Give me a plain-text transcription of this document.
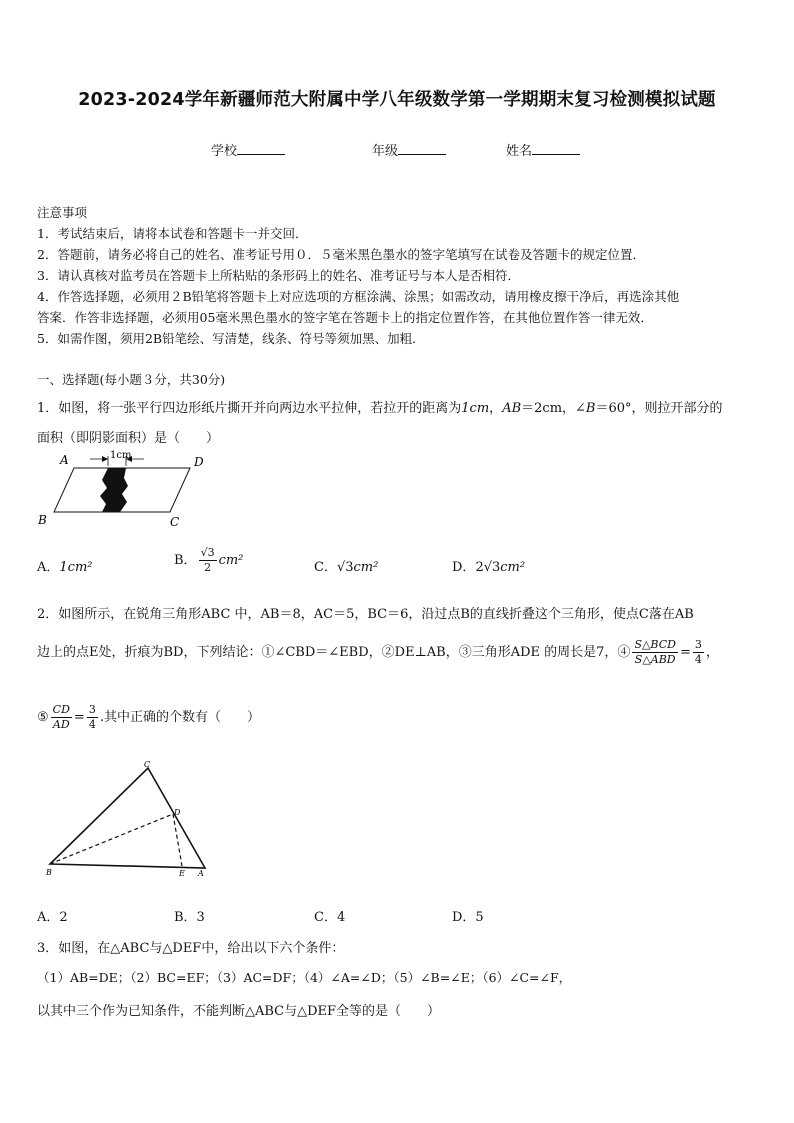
2023-2024学年新疆师范大附属中学八年级数学第一学期期末复习检测模拟试题
学校	年级	姓名
注意事项
1．考试结束后，请将本试卷和答题卡一并交回．
2．答题前，请务必将自己的姓名、准考证号用０．５毫米黑色墨水的签字笔填写在试卷及答题卡的规定位置．
3．请认真核对监考员在答题卡上所粘贴的条形码上的姓名、准考证号与本人是否相符．
4．作答选择题，必须用２B铅笔将答题卡上对应选项的方框涂满、涂黑；如需改动，请用橡皮擦干净后，再选涂其他
答案．作答非选择题，必须用05毫米黑色墨水的签字笔在答题卡上的指定位置作答，在其他位置作答一律无效．
5．如需作图，须用2B铅笔绘、写清楚，线条、符号等须加黑、加粗．
一、选择题(每小题３分，共30分)
1．如图，将一张平行四边形纸片撕开并向两边水平拉伸，若拉开的距离为1cm，AB＝2cm，∠B＝60°，则拉开部分的
面积（即阴影面积）是（　　）
1cm
A	D
B	C
A．1cm²	B． $\frac{√3}{2} cm^2$	C．√3cm²	D．2√3cm²
2．如图所示，在锐角三角形ABC 中，AB＝8，AC＝5，BC＝6，沿过点B的直线折叠这个三角形，使点C落在AB
边上的点E处，折痕为BD，下列结论：①∠CBD＝∠EBD，②DE⊥AB，③三角形ADE 的周长是7，④ $\frac{\text{S△BCD}}{\text{S△ABD}} = \frac{3}{4}$ ，
⑤ $\frac{CD}{AD} = \frac{3}{4}$ .其中正确的个数有（　　）
C
D
B	E A
A．2	B．3	C．4	D．5
3．如图，在△ABC与△DEF中，给出以下六个条件：
（1）AB=DE；（2）BC=EF；（3）AC=DF；（4）∠A=∠D；（5）∠B=∠E；（6）∠C=∠F，
以其中三个作为已知条件，不能判断△ABC与△DEF全等的是（　　）
